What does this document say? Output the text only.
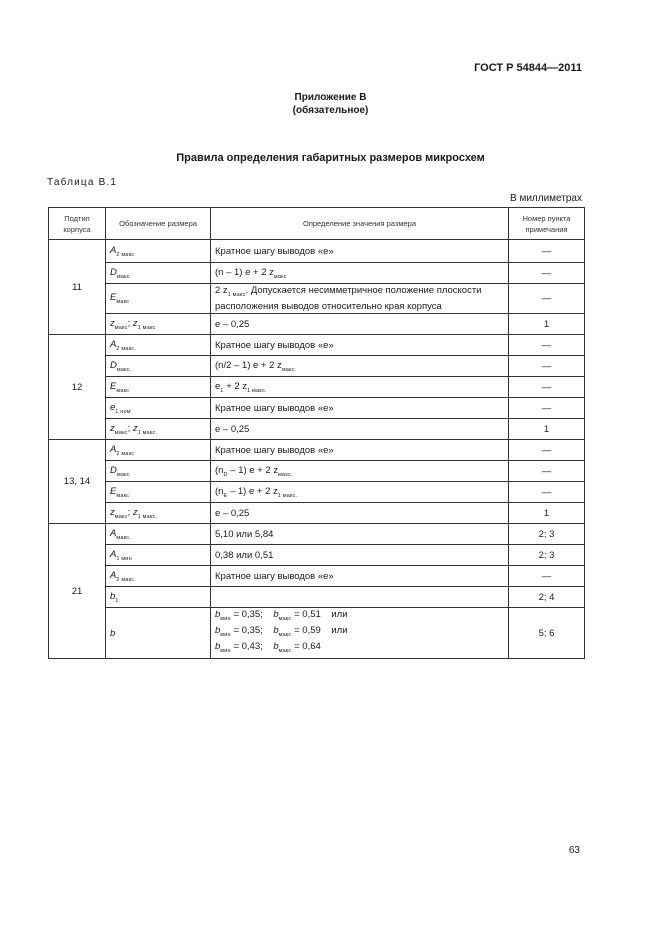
ГОСТ Р 54844—2011
Приложение В
(обязательное)
Правила определения габаритных размеров микросхем
Таблица В.1
В миллиметрах
Подтип корпуса	Обозначение размера	Определение значения размера	Номер пункта примечания
11	$A_{2 макс}$	Кратное шагу выводов «e»	—
	$D_{макс}$	(n – 1) e + 2 $z_{макс}$	—
	$E_{макс}$	2 $z_{1 макс}$. Допускается несимметричное положение плоскости расположения выводов относительно края корпуса	—
	$z_{макс}$; $z_{1 макс}$	e – 0,25	1
12	$A_{2 макс.}$	Кратное шагу выводов «e»	—
	$D_{макс.}$	(n/2 – 1) e + 2 $z_{макс.}$	—
	$E_{макс}$	$e_1 + 2$ $z_{1 макс.}$	—
	$e_{1 ном}$	Кратное шагу выводов «e»	—
	$z_{макс}$; $z_{1 макс.}$	e – 0,25	1
13, 14	$A_{2 макс}$	Кратное шагу выводов «e»	—
	$D_{макс}$	$(n_D - 1) e + 2$ $z_{макс.}$	—
	$E_{макс}$	$(n_E - 1) e + 2$ $z_{1 макс.}$	—
	$z_{макс}$; $z_{1 макс.}$	e – 0,25	1
21	$A_{макс.}$	5,10 или 5,84	2; 3
	$A_{1 мин}$	0,38 или 0,51	2; 3
	$A_{2 макс.}$	Кратное шагу выводов «e»	—
	$b_1$		2; 4
	b	$b_{мин} = 0,35$; $b_{макс} = 0,51$ или
$b_{мин} = 0,35$; $b_{макс} = 0,59$ или
$b_{мин} = 0,43$; $b_{макс} = 0,64$	5; 6
63
